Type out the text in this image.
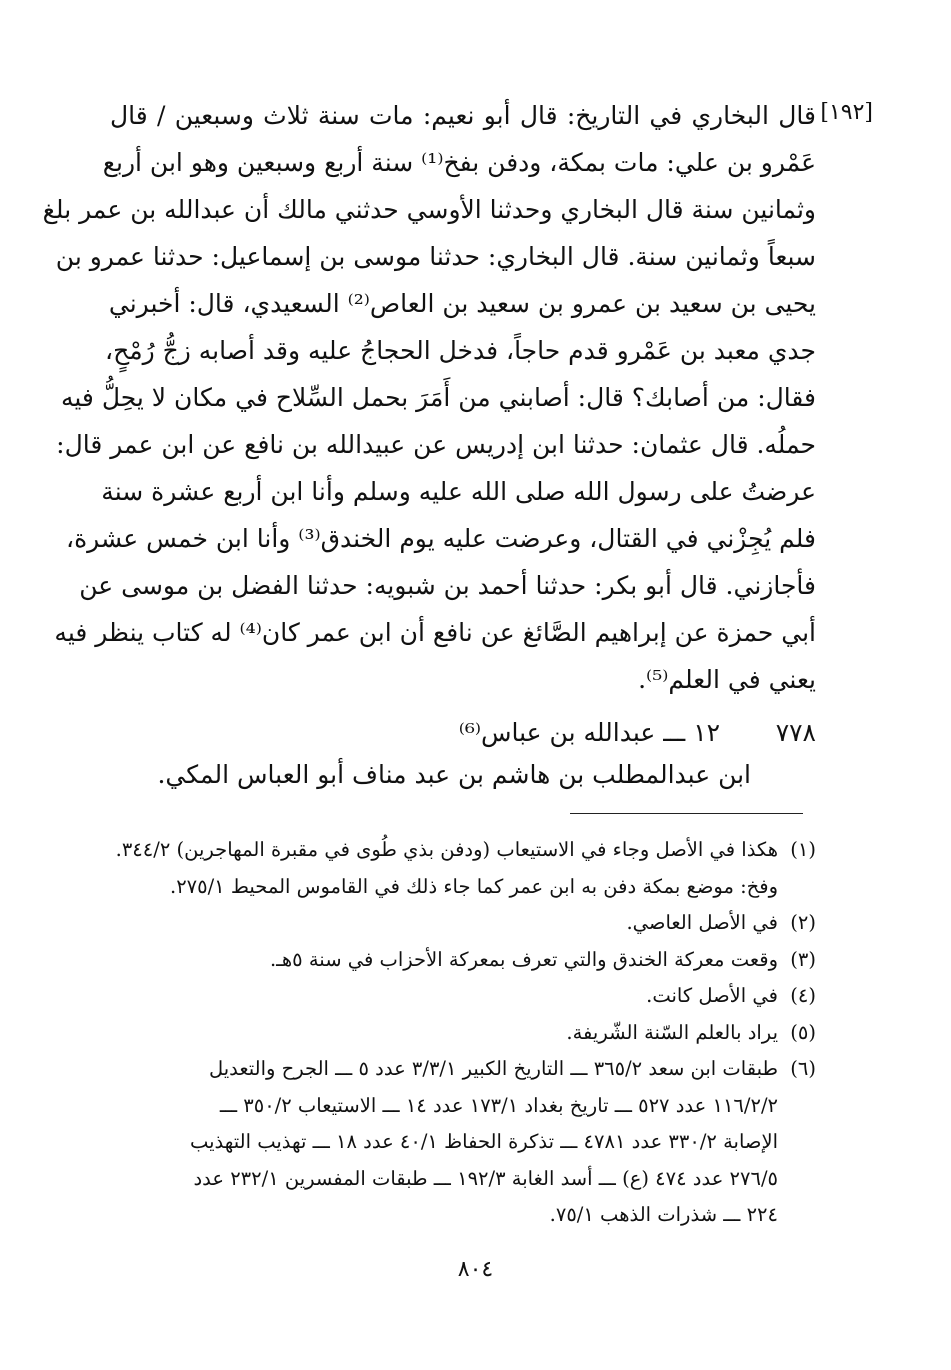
[١٩٢]
قال البخاري في التاريخ: قال أبو نعيم: مات سنة ثلاث وسبعين / قال
عَمْرو بن علي: مات بمكة، ودفن بفخ⁽¹⁾ سنة أربع وسبعين وهو ابن أربع
وثمانين سنة قال البخاري وحدثنا الأوسي حدثني مالك أن عبدالله بن عمر بلغ
سبعاً وثمانين سنة. قال البخاري: حدثنا موسى بن إسماعيل: حدثنا عمرو بن
يحيى بن سعيد بن عمرو بن سعيد بن العاص⁽²⁾ السعيدي، قال: أخبرني
جدي معبد بن عَمْرو قدم حاجاً، فدخل الحجاجُ عليه وقد أصابه زجُّ رُمْحٍ،
فقال: من أصابك؟ قال: أصابني من أَمَرَ بحمل السِّلاح في مكان لا يحِلُّ فيه
حملُه. قال عثمان: حدثنا ابن إدريس عن عبيدالله بن نافع عن ابن عمر قال:
عرضتُ على رسول الله صلى الله عليه وسلم وأنا ابن أربع عشرة سنة
فلم يُجِزْني في القتال، وعرضت عليه يوم الخندق⁽³⁾ وأنا ابن خمس عشرة،
فأجازني. قال أبو بكر: حدثنا أحمد بن شبويه: حدثنا الفضل بن موسى عن
أبي حمزة عن إبراهيم الصَّائغ عن نافع أن ابن عمر كان⁽⁴⁾ له كتاب ينظر فيه
يعني في العلم⁽⁵⁾.
٧٧٨       ١٢ ـــ عبدالله بن عباس⁽⁶⁾
ابن عبدالمطلب بن هاشم بن عبد مناف أبو العباس المكي.
(١)هكذا في الأصل وجاء في الاستيعاب (ودفن بذي طُوى في مقبرة المهاجرين) ٣٤٤/٢.
وفخ: موضع بمكة دفن به ابن عمر كما جاء ذلك في القاموس المحيط ٢٧٥/١.
(٢)في الأصل العاصي.
(٣)وقعت معركة الخندق والتي تعرف بمعركة الأحزاب في سنة ٥هـ.
(٤)في الأصل كانت.
(٥)يراد بالعلم السّنة الشّريفة.
(٦)طبقات ابن سعد ٣٦٥/٢ ـــ التاريخ الكبير ٣/٣/١ عدد ٥ ـــ الجرح والتعديل
١١٦/٢/٢ عدد ٥٢٧ ـــ تاريخ بغداد ١٧٣/١ عدد ١٤ ـــ الاستيعاب ٣٥٠/٢ ـــ
الإصابة ٣٣٠/٢ عدد ٤٧٨١ ـــ تذكرة الحفاظ ٤٠/١ عدد ١٨ ـــ تهذيب التهذيب
٢٧٦/٥ عدد ٤٧٤ (ع) ـــ أسد الغابة ١٩٢/٣ ـــ طبقات المفسرين ٢٣٢/١ عدد
٢٢٤ ـــ شذرات الذهب ٧٥/١.
٨٠٤
